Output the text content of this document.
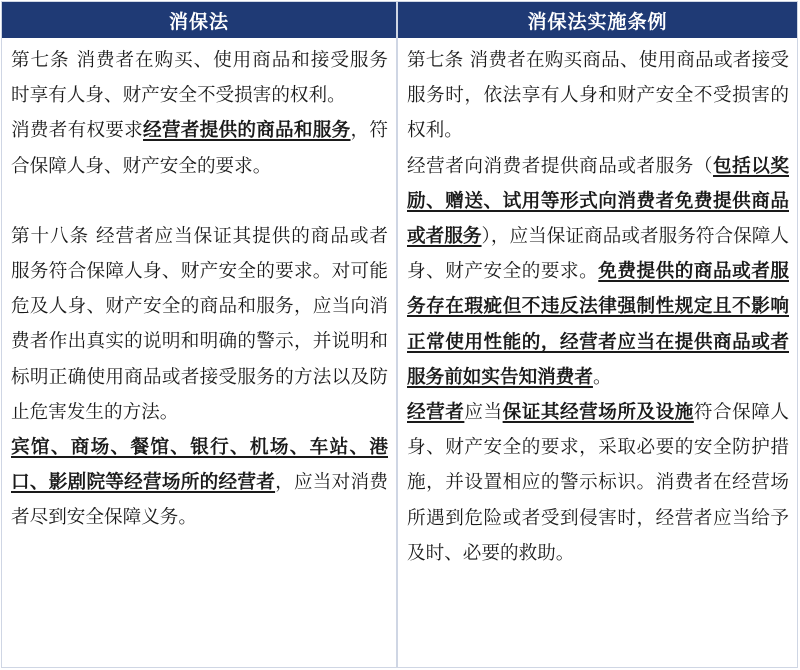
消保法	消保法实施条例

第七条 消费者在购买、使用商品和接受服务时享有人身、财产安全不受损害的权利。

消费者有权要求经营者提供的商品和服务，符合保障人身、财产安全的要求。

第十八条 经营者应当保证其提供的商品或者服务符合保障人身、财产安全的要求。对可能危及人身、财产安全的商品和服务，应当向消费者作出真实的说明和明确的警示，并说明和标明正确使用商品或者接受服务的方法以及防止危害发生的方法。

宾馆、商场、餐馆、银行、机场、车站、港口、影剧院等经营场所的经营者，应当对消费者尽到安全保障义务。

第七条 消费者在购买商品、使用商品或者接受服务时，依法享有人身和财产安全不受损害的权利。

经营者向消费者提供商品或者服务（包括以奖励、赠送、试用等形式向消费者免费提供商品或者服务），应当保证商品或者服务符合保障人身、财产安全的要求。免费提供的商品或者服务存在瑕疵但不违反法律强制性规定且不影响正常使用性能的，经营者应当在提供商品或者服务前如实告知消费者。

经营者应当保证其经营场所及设施符合保障人身、财产安全的要求，采取必要的安全防护措施，并设置相应的警示标识。消费者在经营场所遇到危险或者受到侵害时，经营者应当给予及时、必要的救助。
